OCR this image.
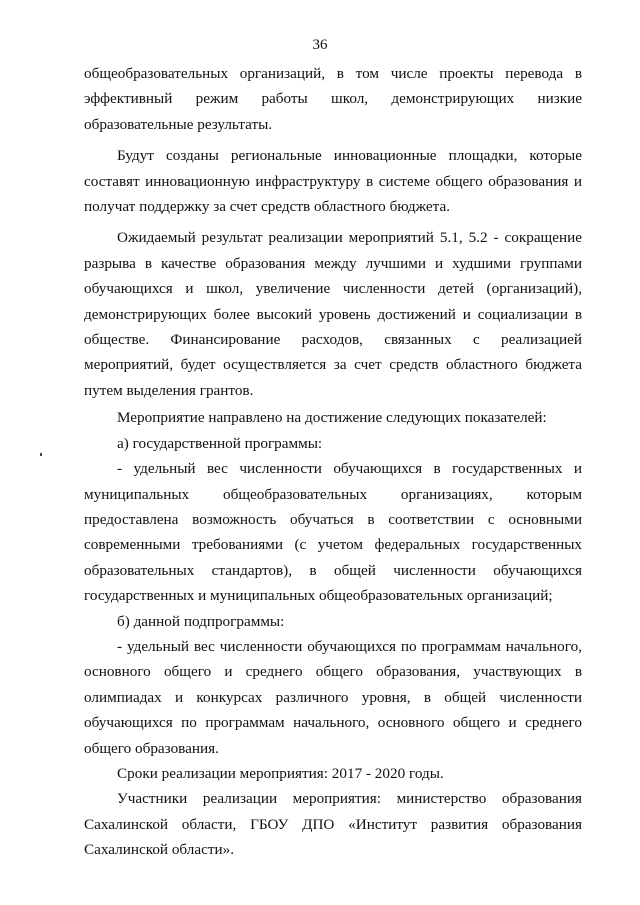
36

общеобразовательных организаций, в том числе проекты перевода в эффективный режим работы школ, демонстрирующих низкие образовательные результаты.

Будут созданы региональные инновационные площадки, которые составят инновационную инфраструктуру в системе общего образования и получат поддержку за счет средств областного бюджета.

Ожидаемый результат реализации мероприятий 5.1, 5.2 - сокращение разрыва в качестве образования между лучшими и худшими группами обучающихся и школ, увеличение численности детей (организаций), демонстрирующих более высокий уровень достижений и социализации в обществе. Финансирование расходов, связанных с реализацией мероприятий, будет осуществляется за счет средств областного бюджета путем выделения грантов.

Мероприятие направлено на достижение следующих показателей:

а) государственной программы:

- удельный вес численности обучающихся в государственных и муниципальных общеобразовательных организациях, которым предоставлена возможность обучаться в соответствии с основными современными требованиями (с учетом федеральных государственных образовательных стандартов), в общей численности обучающихся государственных и муниципальных общеобразовательных организаций;

б) данной подпрограммы:

- удельный вес численности обучающихся по программам начального, основного общего и среднего общего образования, участвующих в олимпиадах и конкурсах различного уровня, в общей численности обучающихся по программам начального, основного общего и среднего общего образования.

Сроки реализации мероприятия: 2017 - 2020 годы.

Участники реализации мероприятия: министерство образования Сахалинской области, ГБОУ ДПО «Институт развития образования Сахалинской области».
